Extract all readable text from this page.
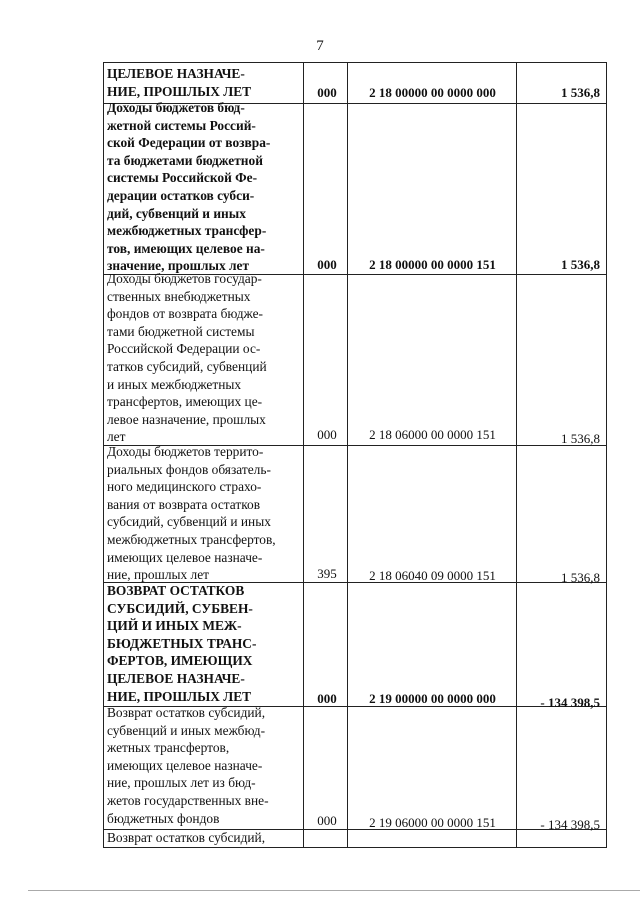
7
ЦЕЛЕВОЕ НАЗНАЧЕ-
НИЕ, ПРОШЛЫХ ЛЕТ	000	2 18 00000 00 0000 000	1 536,8
Доходы бюджетов бюд-
жетной системы Россий-
ской Федерации от возвра-
та бюджетами бюджетной
системы Российской Фе-
дерации остатков субси-
дий, субвенций и иных
межбюджетных трансфер-
тов, имеющих целевое на-
значение, прошлых лет	000	2 18 00000 00 0000 151	1 536,8
Доходы бюджетов государ-
ственных внебюджетных
фондов от возврата бюдже-
тами бюджетной системы
Российской Федерации ос-
татков субсидий, субвенций
и иных межбюджетных
трансфертов, имеющих це-
левое назначение, прошлых
лет	000	2 18 06000 00 0000 151	1 536,8
Доходы бюджетов террито-
риальных фондов обязатель-
ного медицинского страхо-
вания от возврата остатков
субсидий, субвенций и иных
межбюджетных трансфертов,
имеющих целевое назначе-
ние, прошлых лет	395	2 18 06040 09 0000 151	1 536,8
ВОЗВРАТ ОСТАТКОВ
СУБСИДИЙ, СУБВЕН-
ЦИЙ И ИНЫХ МЕЖ-
БЮДЖЕТНЫХ ТРАНС-
ФЕРТОВ, ИМЕЮЩИХ
ЦЕЛЕВОЕ НАЗНАЧЕ-
НИЕ, ПРОШЛЫХ ЛЕТ	000	2 19 00000 00 0000 000	- 134 398,5
Возврат остатков субсидий,
субвенций и иных межбюд-
жетных трансфертов,
имеющих целевое назначе-
ние, прошлых лет из бюд-
жетов государственных вне-
бюджетных фондов	000	2 19 06000 00 0000 151	- 134 398,5
Возврат остатков субсидий,
